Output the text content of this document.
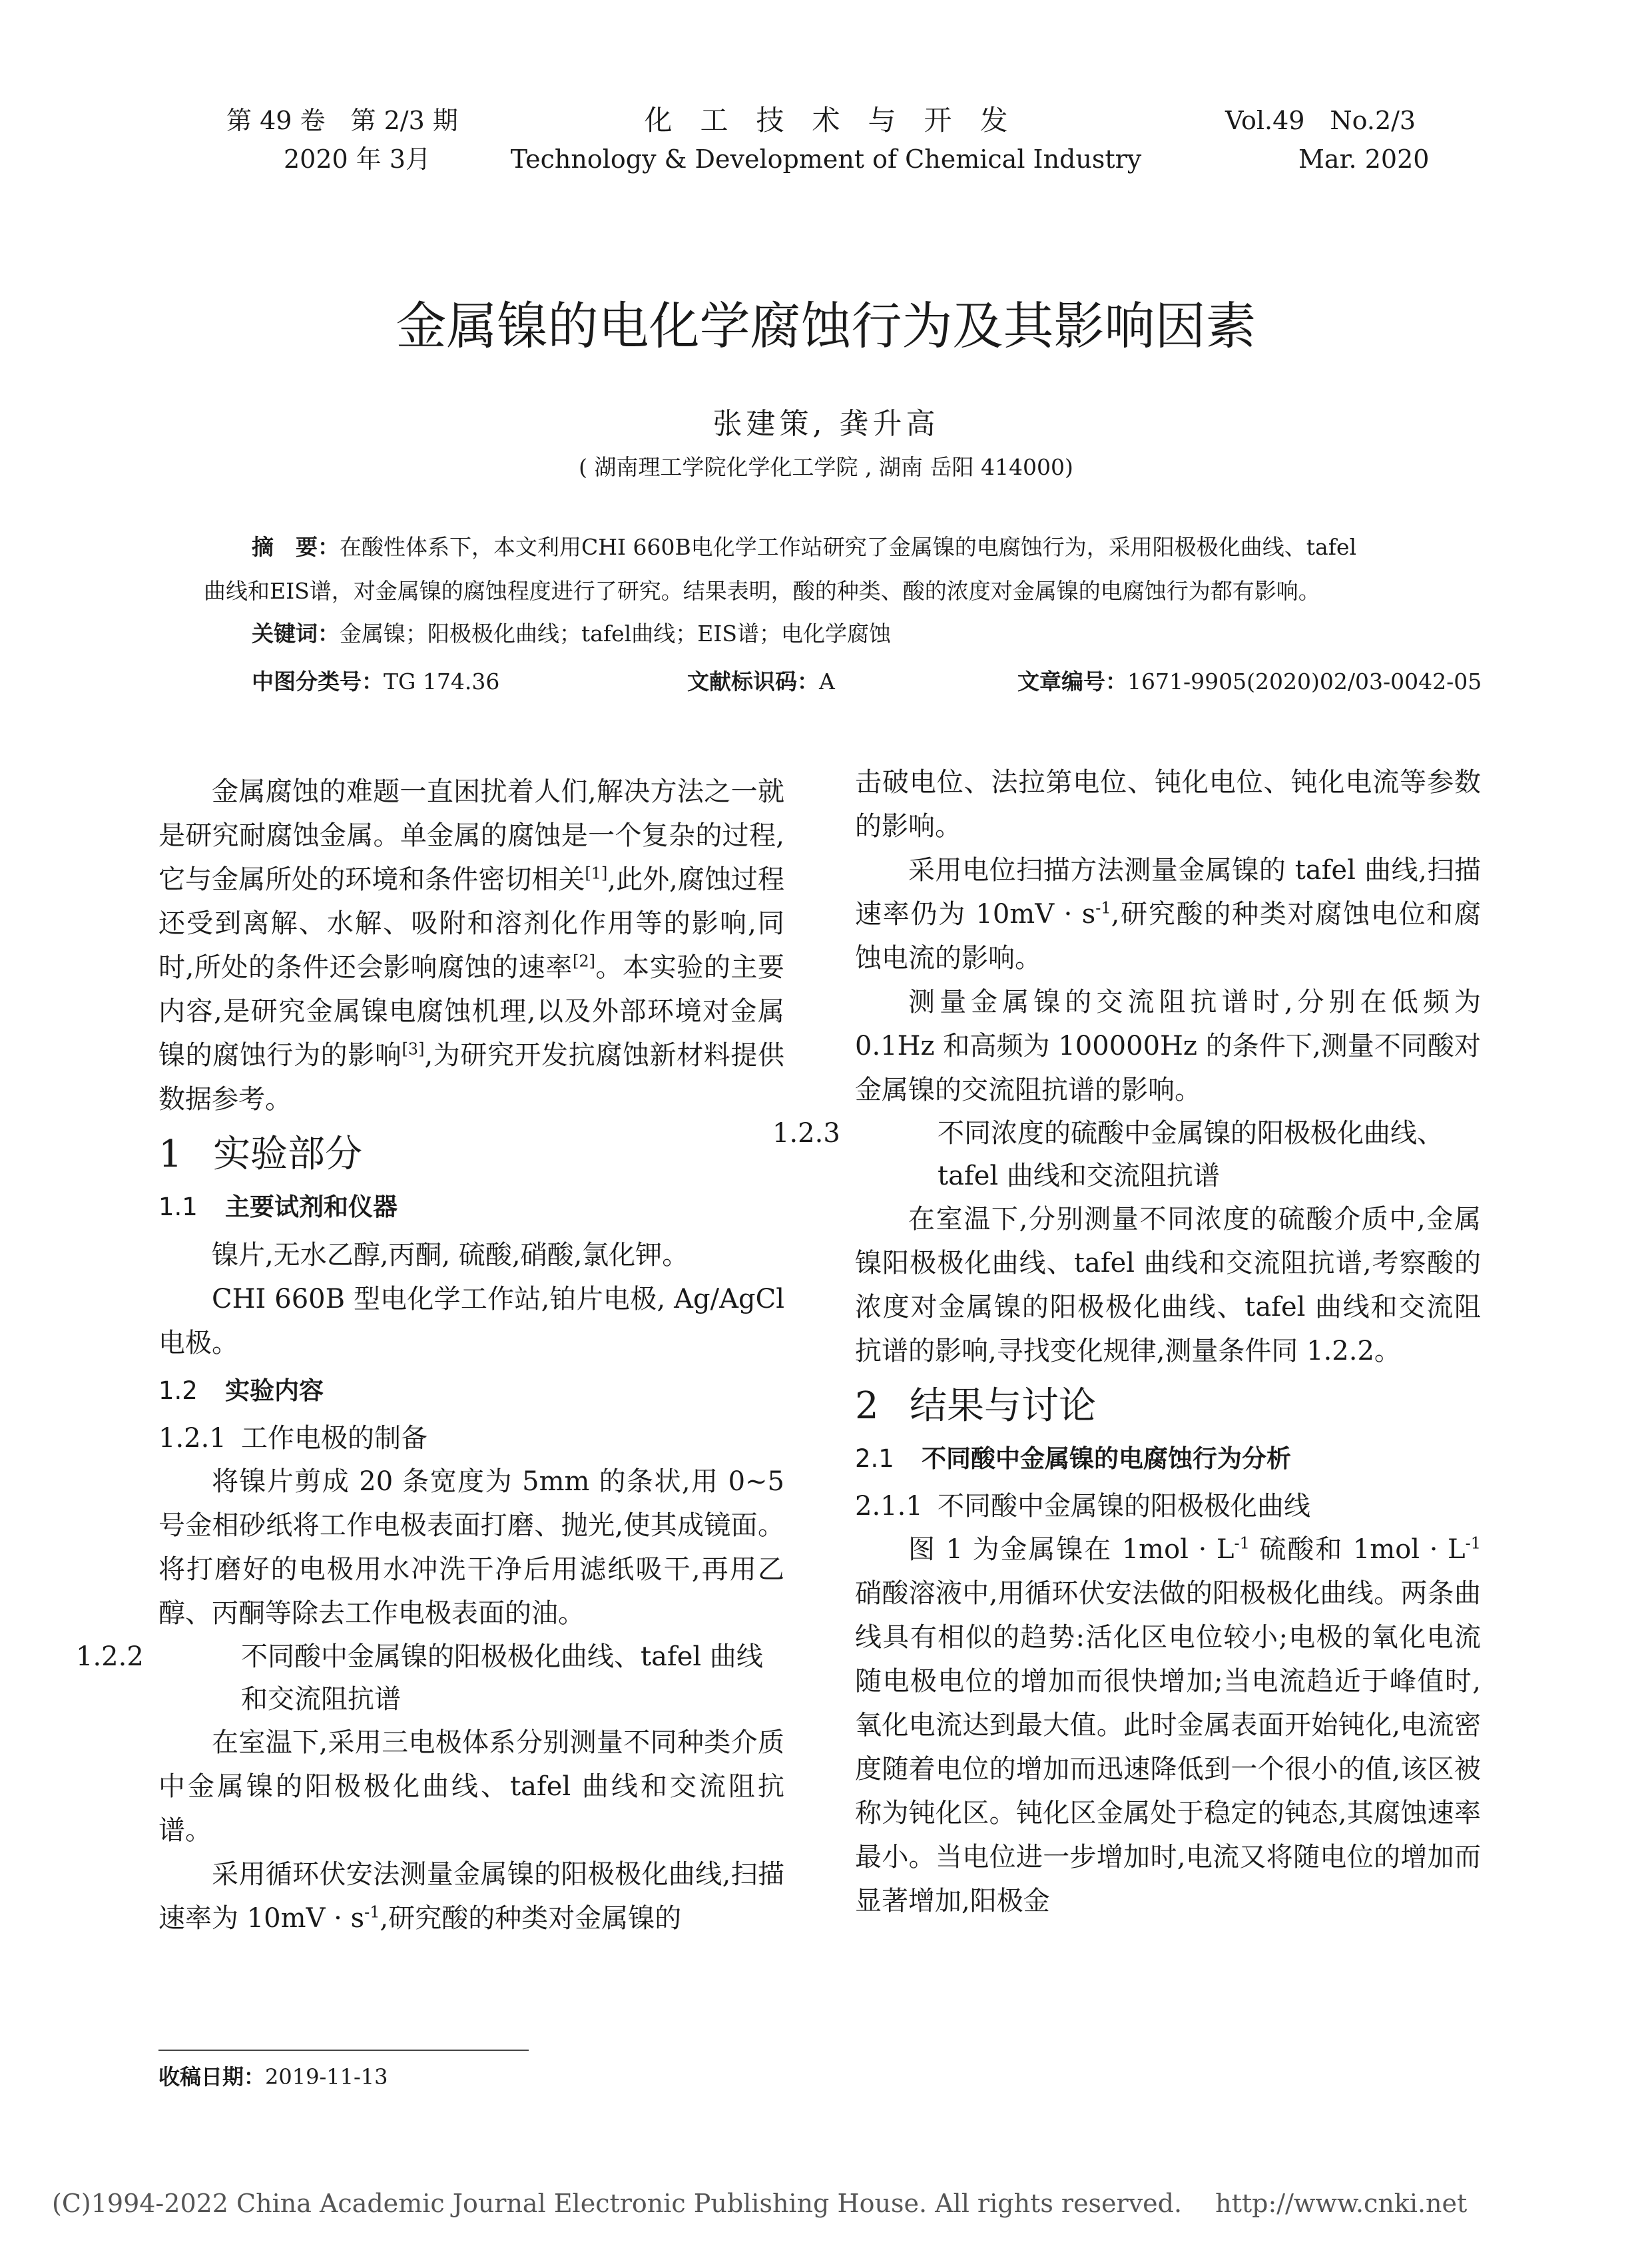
第 49 卷　第 2/3 期
2020 年 3月
化　工　技　术　与　开　发
Technology & Development of Chemical Industry
Vol.49　No.2/3
Mar. 2020
金属镍的电化学腐蚀行为及其影响因素
张建策, 龚升高
( 湖南理工学院化学化工学院 , 湖南 岳阳 414000)
摘　要：在酸性体系下，本文利用CHI 660B电化学工作站研究了金属镍的电腐蚀行为，采用阳极极化曲线、tafel
曲线和EIS谱，对金属镍的腐蚀程度进行了研究。结果表明，酸的种类、酸的浓度对金属镍的电腐蚀行为都有影响。
关键词：金属镍；阳极极化曲线；tafel曲线；EIS谱；电化学腐蚀
中图分类号：TG 174.36	文献标识码：A	文章编号：1671-9905(2020)02/03-0042-05

金属腐蚀的难题一直困扰着人们,解决方法之一就是研究耐腐蚀金属。单金属的腐蚀是一个复杂的过程,它与金属所处的环境和条件密切相关[1],此外,腐蚀过程还受到离解、水解、吸附和溶剂化作用等的影响,同时,所处的条件还会影响腐蚀的速率[2]。本实验的主要内容,是研究金属镍电腐蚀机理,以及外部环境对金属镍的腐蚀行为的影响[3],为研究开发抗腐蚀新材料提供数据参考。

1 实验部分
1.1 主要试剂和仪器

镍片,无水乙醇,丙酮, 硫酸,硝酸,氯化钾。

CHI 660B 型电化学工作站,铂片电极, Ag/AgCl电极。

1.2 实验内容
1.2.1 工作电极的制备

将镍片剪成 20 条宽度为 5mm 的条状,用 0~5 号金相砂纸将工作电极表面打磨、抛光,使其成镜面。将打磨好的电极用水冲洗干净后用滤纸吸干,再用乙醇、丙酮等除去工作电极表面的油。

1.2.2	不同酸中金属镍的阳极极化曲线、tafel 曲线和交流阻抗谱

在室温下,采用三电极体系分别测量不同种类介质中金属镍的阳极极化曲线、tafel 曲线和交流阻抗谱。

采用循环伏安法测量金属镍的阳极极化曲线,扫描速率为 $10mV \cdot s^{-1}$,研究酸的种类对金属镍的

击破电位、法拉第电位、钝化电位、钝化电流等参数的影响。

采用电位扫描方法测量金属镍的 tafel 曲线,扫描速率仍为 $10mV \cdot s^{-1}$,研究酸的种类对腐蚀电位和腐蚀电流的影响。

测量金属镍的交流阻抗谱时,分别在低频为 0.1Hz 和高频为 100000Hz 的条件下,测量不同酸对金属镍的交流阻抗谱的影响。

1.2.3	不同浓度的硫酸中金属镍的阳极极化曲线、tafel 曲线和交流阻抗谱

在室温下,分别测量不同浓度的硫酸介质中,金属镍阳极极化曲线、tafel 曲线和交流阻抗谱,考察酸的浓度对金属镍的阳极极化曲线、tafel 曲线和交流阻抗谱的影响,寻找变化规律,测量条件同 1.2.2。

2 结果与讨论
2.1 不同酸中金属镍的电腐蚀行为分析
2.1.1 不同酸中金属镍的阳极极化曲线

图 1 为金属镍在 $1mol \cdot L^{-1}$ 硫酸和 $1mol \cdot L^{-1}$ 硝酸溶液中,用循环伏安法做的阳极极化曲线。两条曲线具有相似的趋势:活化区电位较小;电极的氧化电流随电极电位的增加而很快增加;当电流趋近于峰值时,氧化电流达到最大值。此时金属表面开始钝化,电流密度随着电位的增加而迅速降低到一个很小的值,该区被称为钝化区。钝化区金属处于稳定的钝态,其腐蚀速率最小。当电位进一步增加时,电流又将随电位的增加而显著增加,阳极金

收稿日期：2019-11-13
(C)1994-2022 China Academic Journal Electronic Publishing House. All rights reserved.　 http://www.cnki.net
